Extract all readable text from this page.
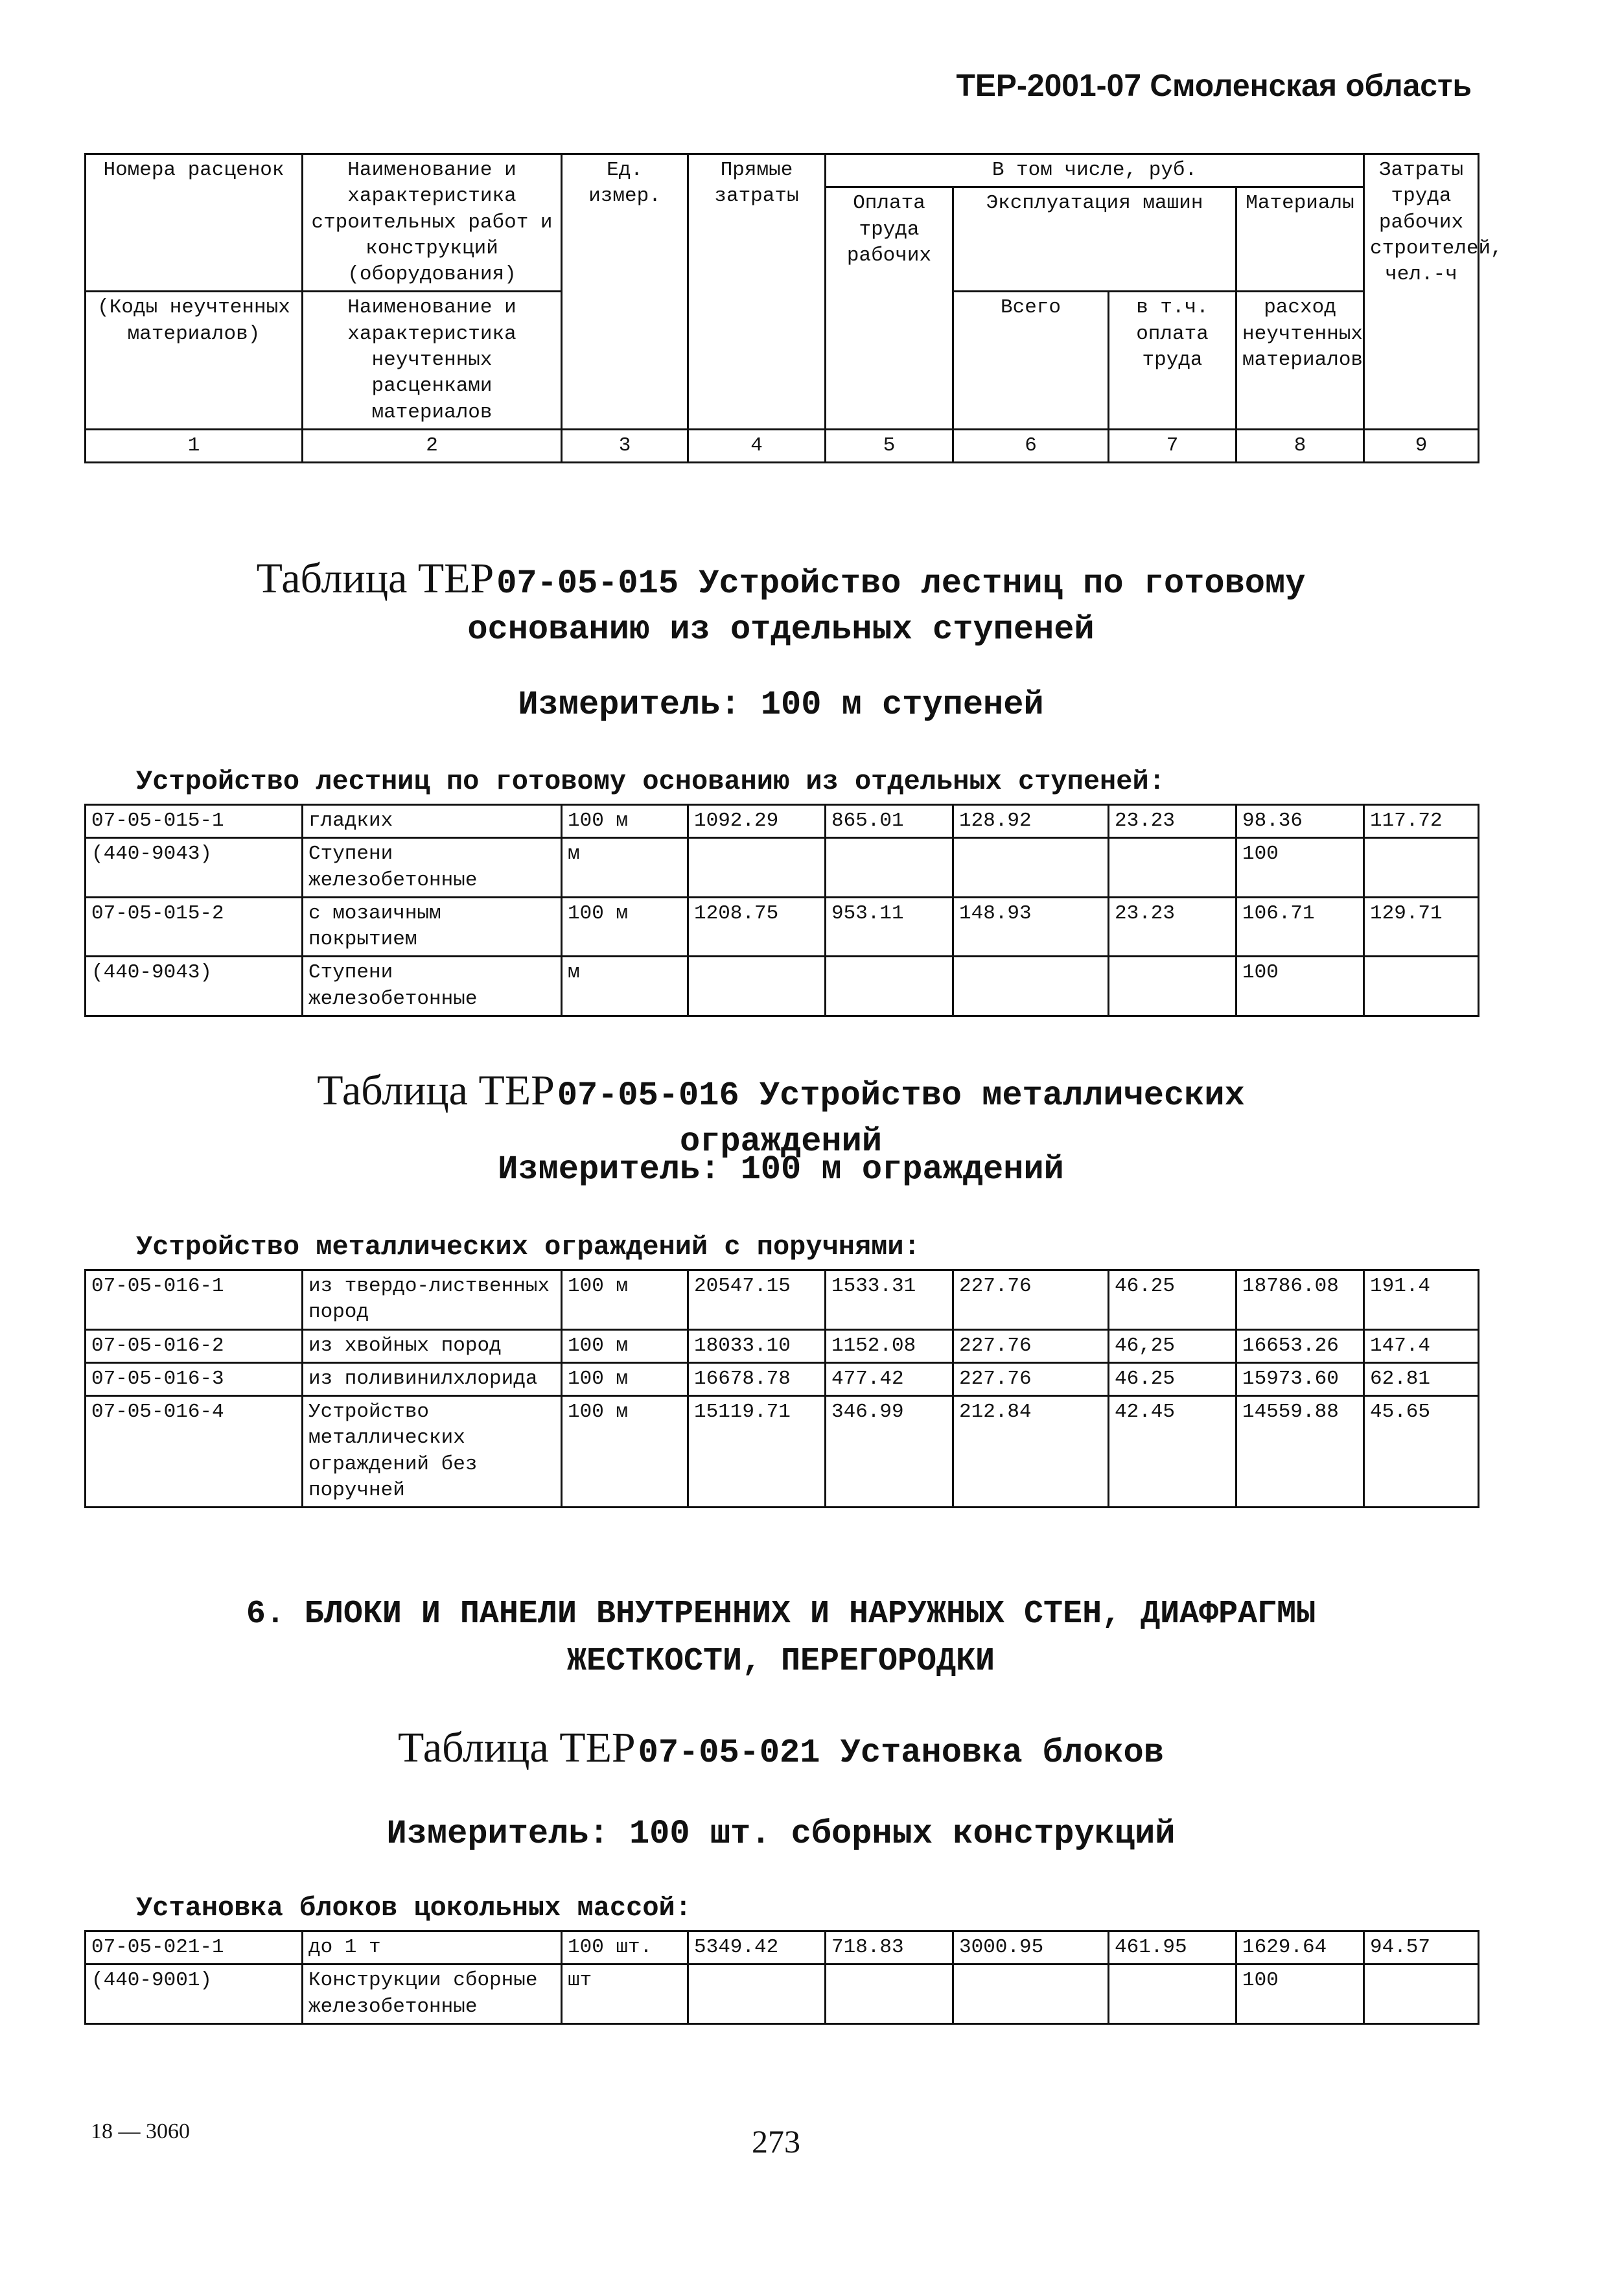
ТЕР-2001-07 Смоленская область
Номера расценок	Наименование и характеристика строительных работ и конструкций (оборудования)	Ед. измер.	Прямые затраты	В том числе, руб.				Затраты труда рабочих строителей, чел.-ч
				Оплата труда рабочих	Эксплуатация машин		Материалы	
(Коды неучтенных материалов)	Наименование и характеристика неучтенных расценками материалов				Всего	в т.ч. оплата труда	расход неучтенных материалов	
1	2	3	4	5	6	7	8	9
Таблица ТЕР 07-05-015 Устройство лестниц по готовому
основанию из отдельных ступеней
Измеритель: 100 м ступеней
Устройство лестниц по готовому основанию из отдельных ступеней:
07-05-015-1	гладких	100 м	1092.29	865.01	128.92	23.23	98.36	117.72
(440-9043)	Ступени железобетонные	м					100	
07-05-015-2	с мозаичным покрытием	100 м	1208.75	953.11	148.93	23.23	106.71	129.71
(440-9043)	Ступени железобетонные	м					100	
Таблица ТЕР 07-05-016 Устройство металлических
ограждений
Измеритель: 100 м ограждений
Устройство металлических ограждений с поручнями:
07-05-016-1	из твердо-лиственных пород	100 м	20547.15	1533.31	227.76	46.25	18786.08	191.4
07-05-016-2	из хвойных пород	100 м	18033.10	1152.08	227.76	46,25	16653.26	147.4
07-05-016-3	из поливинилхлорида	100 м	16678.78	477.42	227.76	46.25	15973.60	62.81
07-05-016-4	Устройство металлических ограждений без поручней	100 м	15119.71	346.99	212.84	42.45	14559.88	45.65
6. БЛОКИ И ПАНЕЛИ ВНУТРЕННИХ И НАРУЖНЫХ СТЕН, ДИАФРАГМЫ
ЖЕСТКОСТИ, ПЕРЕГОРОДКИ
Таблица ТЕР 07-05-021 Установка блоков
Измеритель: 100 шт. сборных конструкций
Установка блоков цокольных массой:
07-05-021-1	до 1 т	100 шт.	5349.42	718.83	3000.95	461.95	1629.64	94.57
(440-9001)	Конструкции сборные железобетонные	шт					100	
18 — 3060	273
